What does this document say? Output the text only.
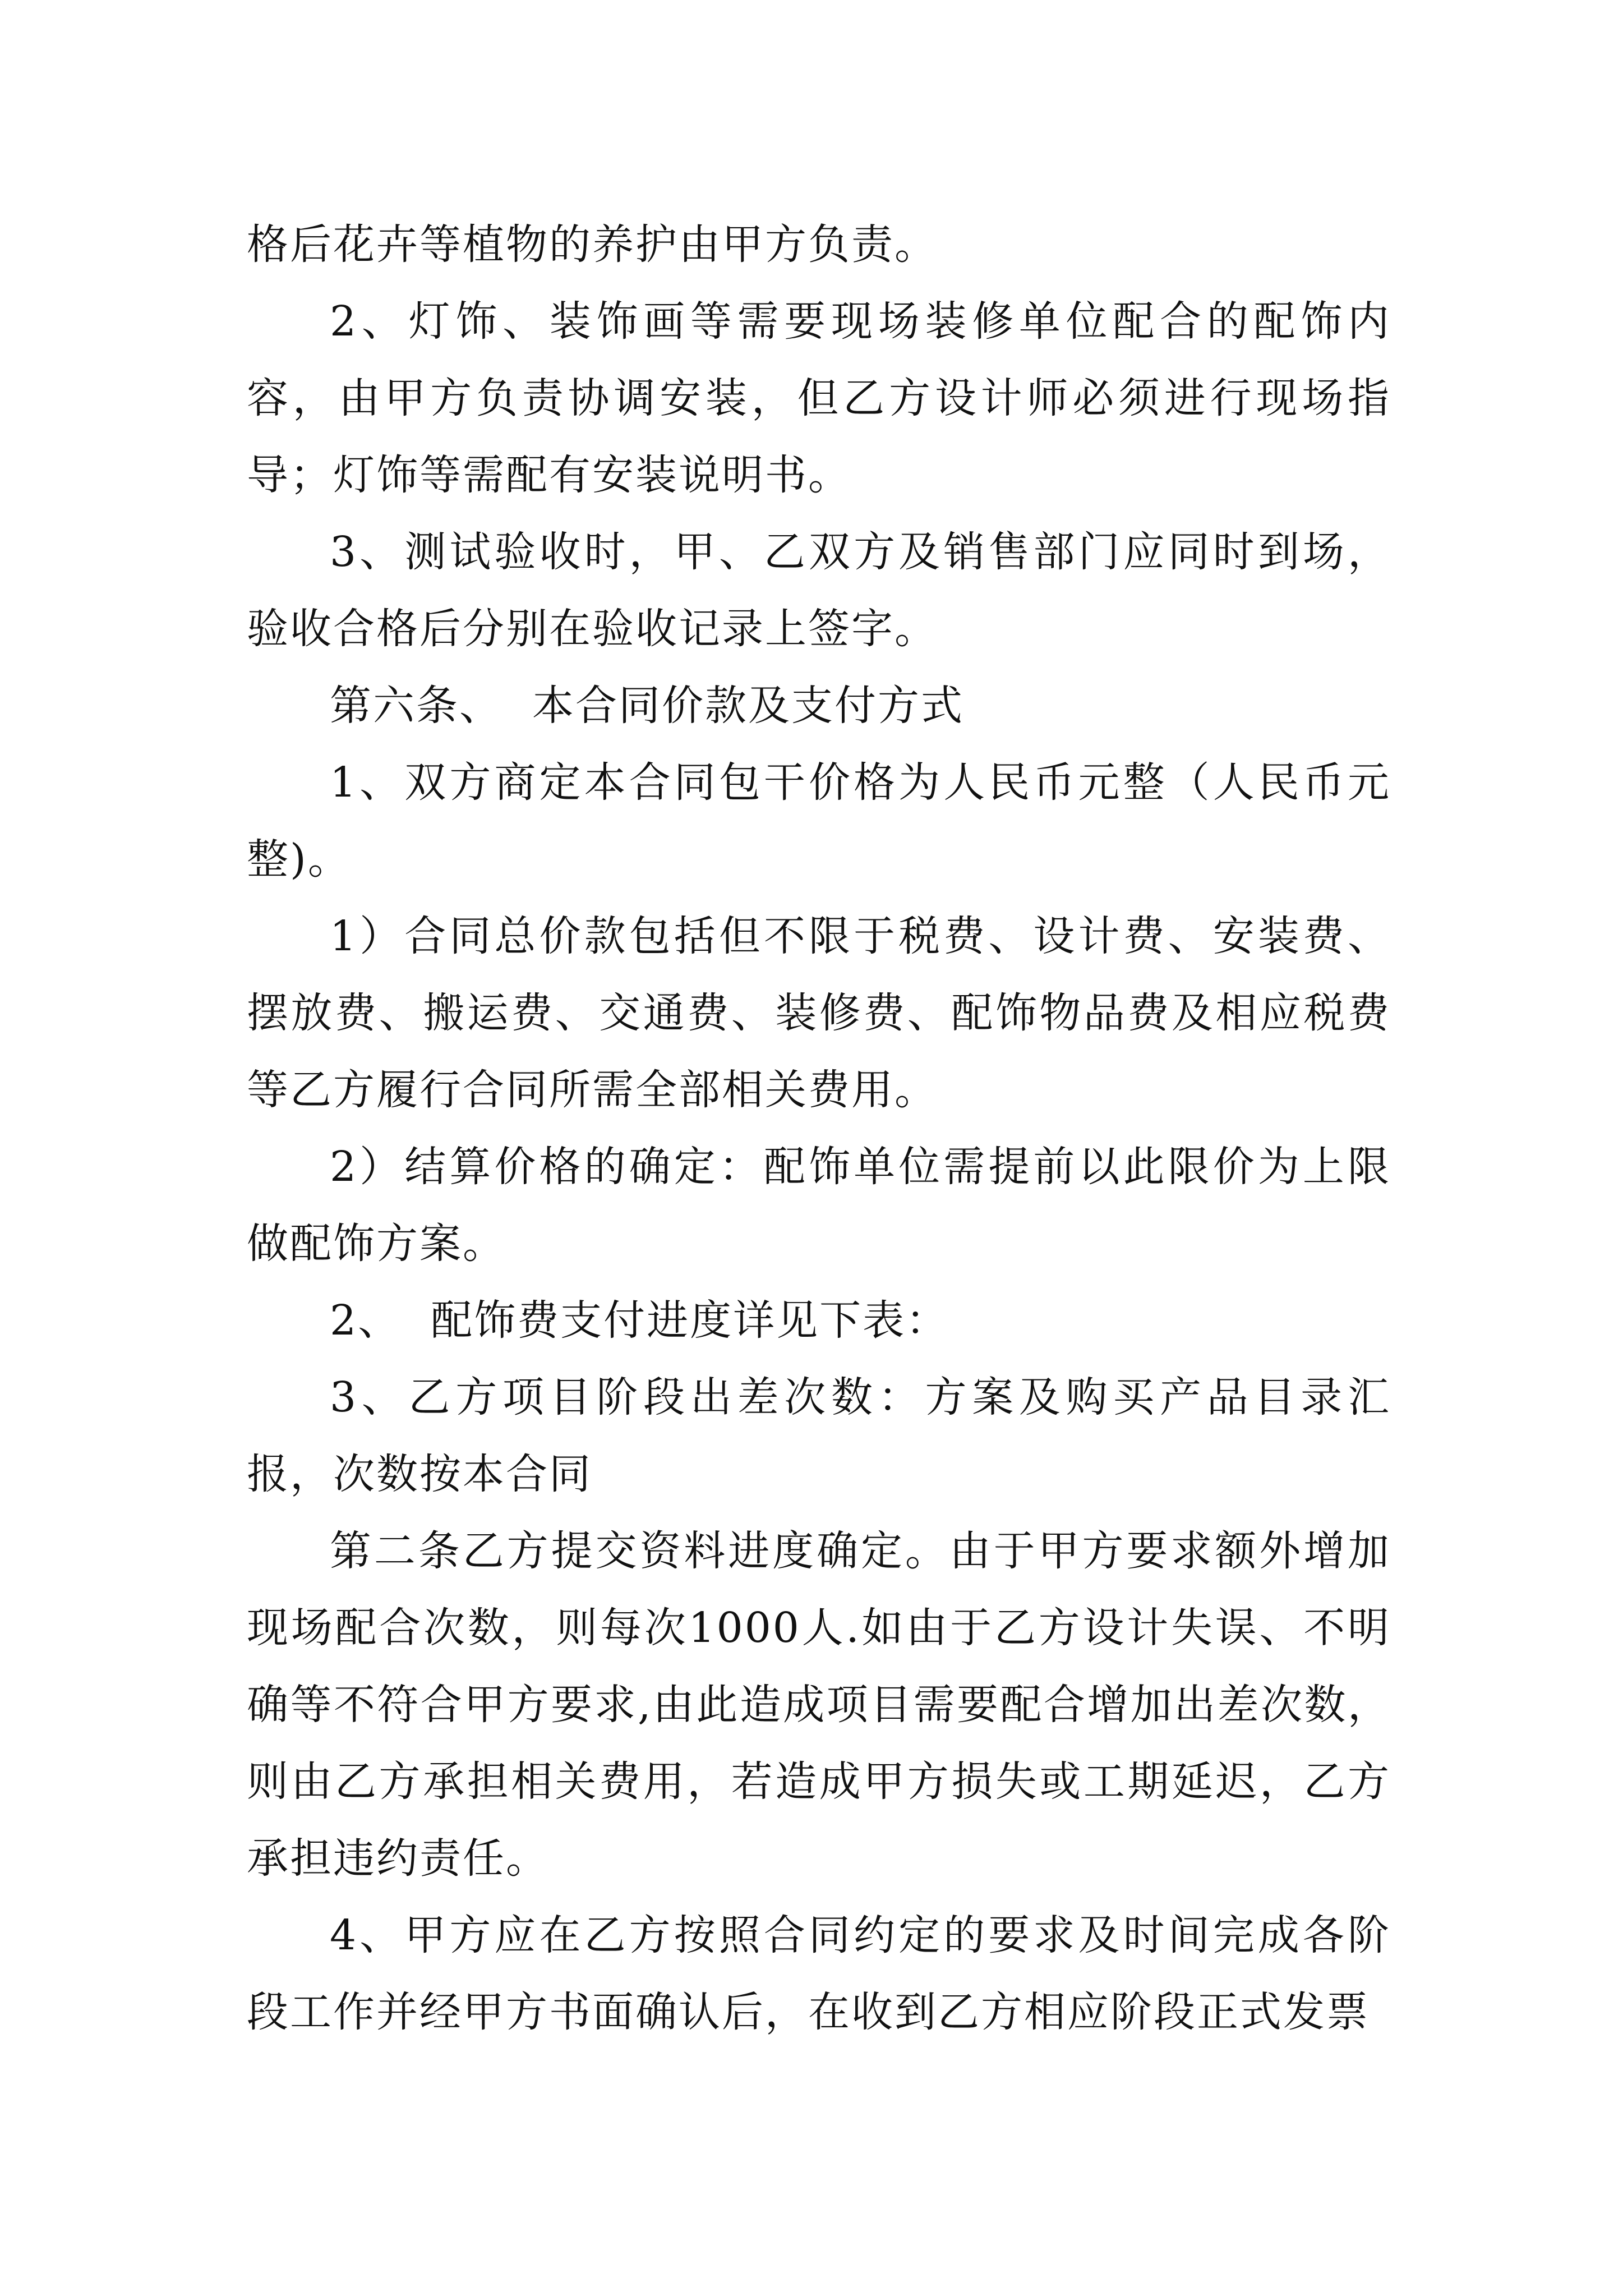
格后花卉等植物的养护由甲方负责。

2、灯饰、装饰画等需要现场装修单位配合的配饰内容，由甲方负责协调安装，但乙方设计师必须进行现场指导；灯饰等需配有安装说明书。

3、测试验收时，甲、乙双方及销售部门应同时到场，验收合格后分别在验收记录上签字。

第六条、  本合同价款及支付方式

1、双方商定本合同包干价格为人民币元整（人民币元整)。

1）合同总价款包括但不限于税费、设计费、安装费、摆放费、搬运费、交通费、装修费、配饰物品费及相应税费等乙方履行合同所需全部相关费用。

2）结算价格的确定：配饰单位需提前以此限价为上限做配饰方案。

2、  配饰费支付进度详见下表：

3、乙方项目阶段出差次数：方案及购买产品目录汇报，次数按本合同

第二条乙方提交资料进度确定。由于甲方要求额外增加现场配合次数，则每次1000人.如由于乙方设计失误、不明确等不符合甲方要求,由此造成项目需要配合增加出差次数，则由乙方承担相关费用，若造成甲方损失或工期延迟，乙方承担违约责任。

4、甲方应在乙方按照合同约定的要求及时间完成各阶段工作并经甲方书面确认后，在收到乙方相应阶段正式发票
